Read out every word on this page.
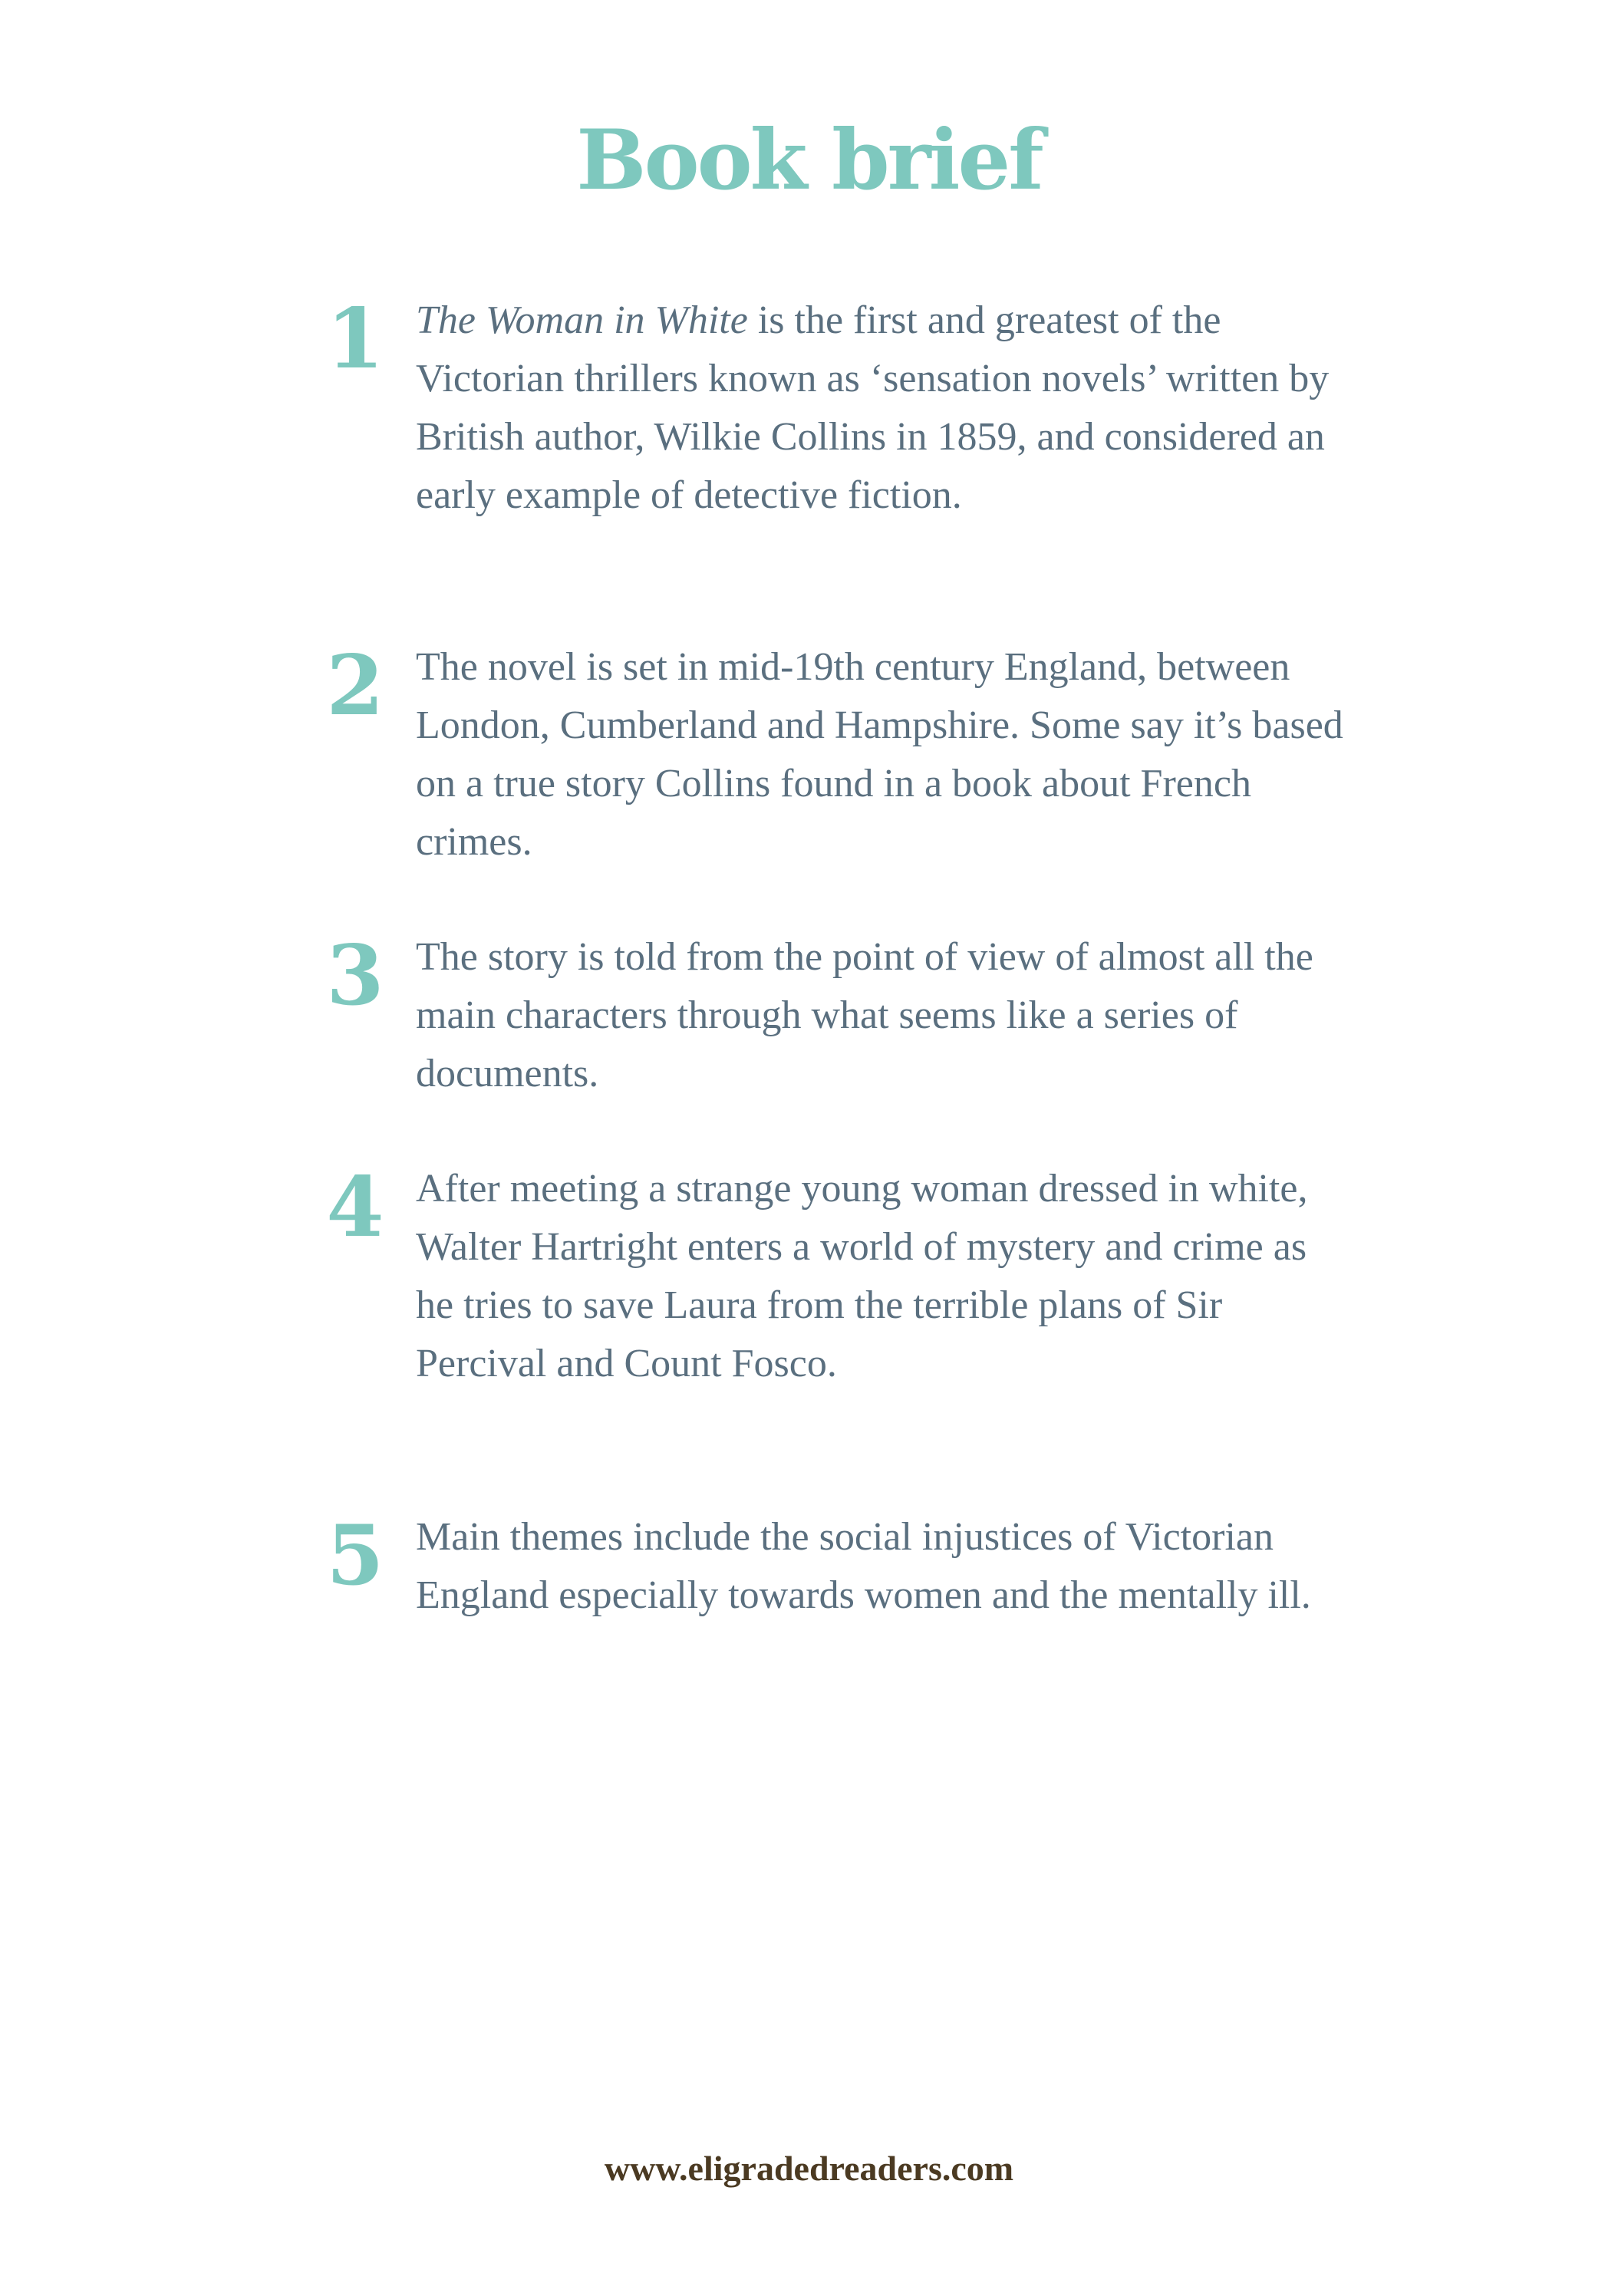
Book brief
1 The Woman in White is the first and greatest of the Victorian thrillers known as ‘sensation novels’ written by British author, Wilkie Collins in 1859, and considered an early example of detective fiction.

2 The novel is set in mid-19th century England, between London, Cumberland and Hampshire. Some say it’s based on a true story Collins found in a book about French crimes.

3 The story is told from the point of view of almost all the main characters through what seems like a series of documents.

4 After meeting a strange young woman dressed in white, Walter Hartright enters a world of mystery and crime as he tries to save Laura from the terrible plans of Sir Percival and Count Fosco.

5 Main themes include the social injustices of Victorian England especially towards women and the mentally ill.

www.eligradedreaders.com
